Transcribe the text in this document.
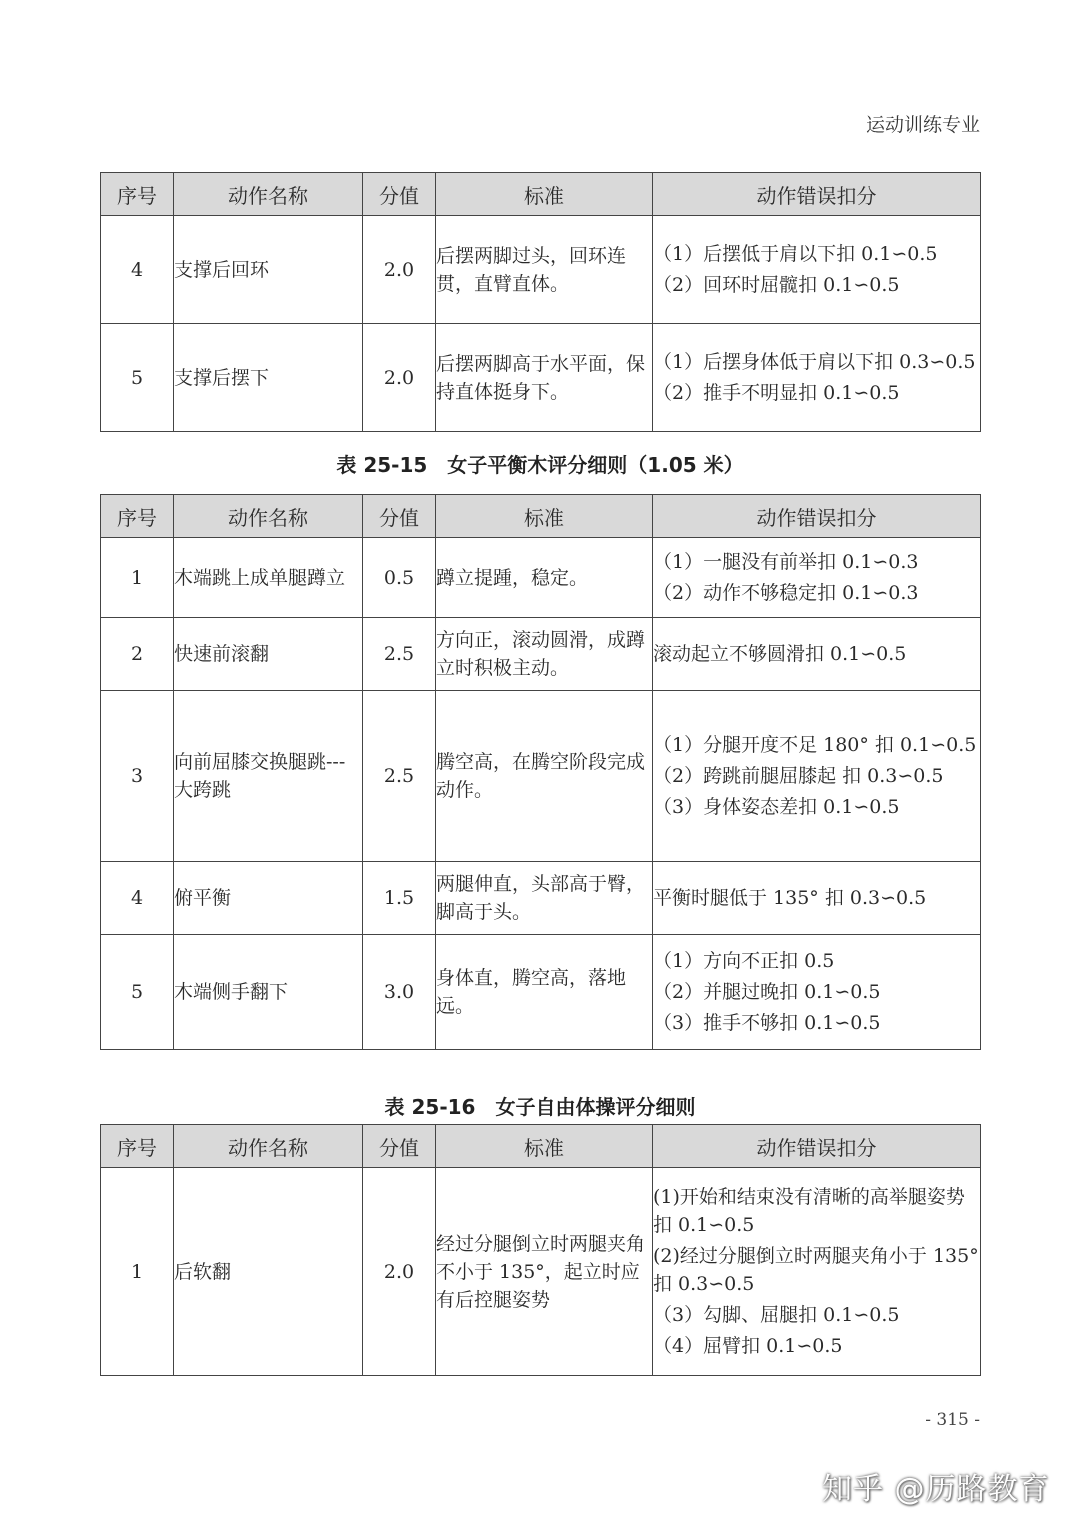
运动训练专业
序号	动作名称	分值	标准	动作错误扣分
4	支撑后回环	2.0	后摆两脚过头，回环连贯，直臂直体。	（1）后摆低于肩以下扣 0.1∽0.5
（2）回环时屈髋扣 0.1∽0.5

5	支撑后摆下	2.0	后摆两脚高于水平面，保持直体挺身下。	（1）后摆身体低于肩以下扣 0.3∽0.5
（2）推手不明显扣 0.1∽0.5
表 25-15　女子平衡木评分细则（1.05 米）
序号	动作名称	分值	标准	动作错误扣分
1	木端跳上成单腿蹲立	0.5	蹲立提踵，稳定。	（1）一腿没有前举扣 0.1∽0.3
（2）动作不够稳定扣 0.1∽0.3

2	快速前滚翻	2.5	方向正，滚动圆滑，成蹲立时积极主动。	滚动起立不够圆滑扣 0.1∽0.5

3	向前屈膝交换腿跳---大跨跳	2.5	腾空高，在腾空阶段完成动作。	（1）分腿开度不足 180° 扣 0.1∽0.5
（2）跨跳前腿屈膝起 扣 0.3∽0.5
（3）身体姿态差扣 0.1∽0.5

4	俯平衡	1.5	两腿伸直，头部高于臀，脚高于头。	平衡时腿低于 135° 扣 0.3∽0.5

5	木端侧手翻下	3.0	身体直，腾空高，落地远。	（1）方向不正扣 0.5
（2）并腿过晚扣 0.1∽0.5
（3）推手不够扣 0.1∽0.5
表 25-16　女子自由体操评分细则
序号	动作名称	分值	标准	动作错误扣分
1	后软翻	2.0	经过分腿倒立时两腿夹角不小于 135°，起立时应有后控腿姿势	(1)开始和结束没有清晰的高举腿姿势 扣 0.1∽0.5
(2)经过分腿倒立时两腿夹角小于 135° 扣 0.3∽0.5
（3）勾脚、屈腿扣 0.1∽0.5
（4）屈臂扣 0.1∽0.5
- 315 -
知乎 @历路教育
